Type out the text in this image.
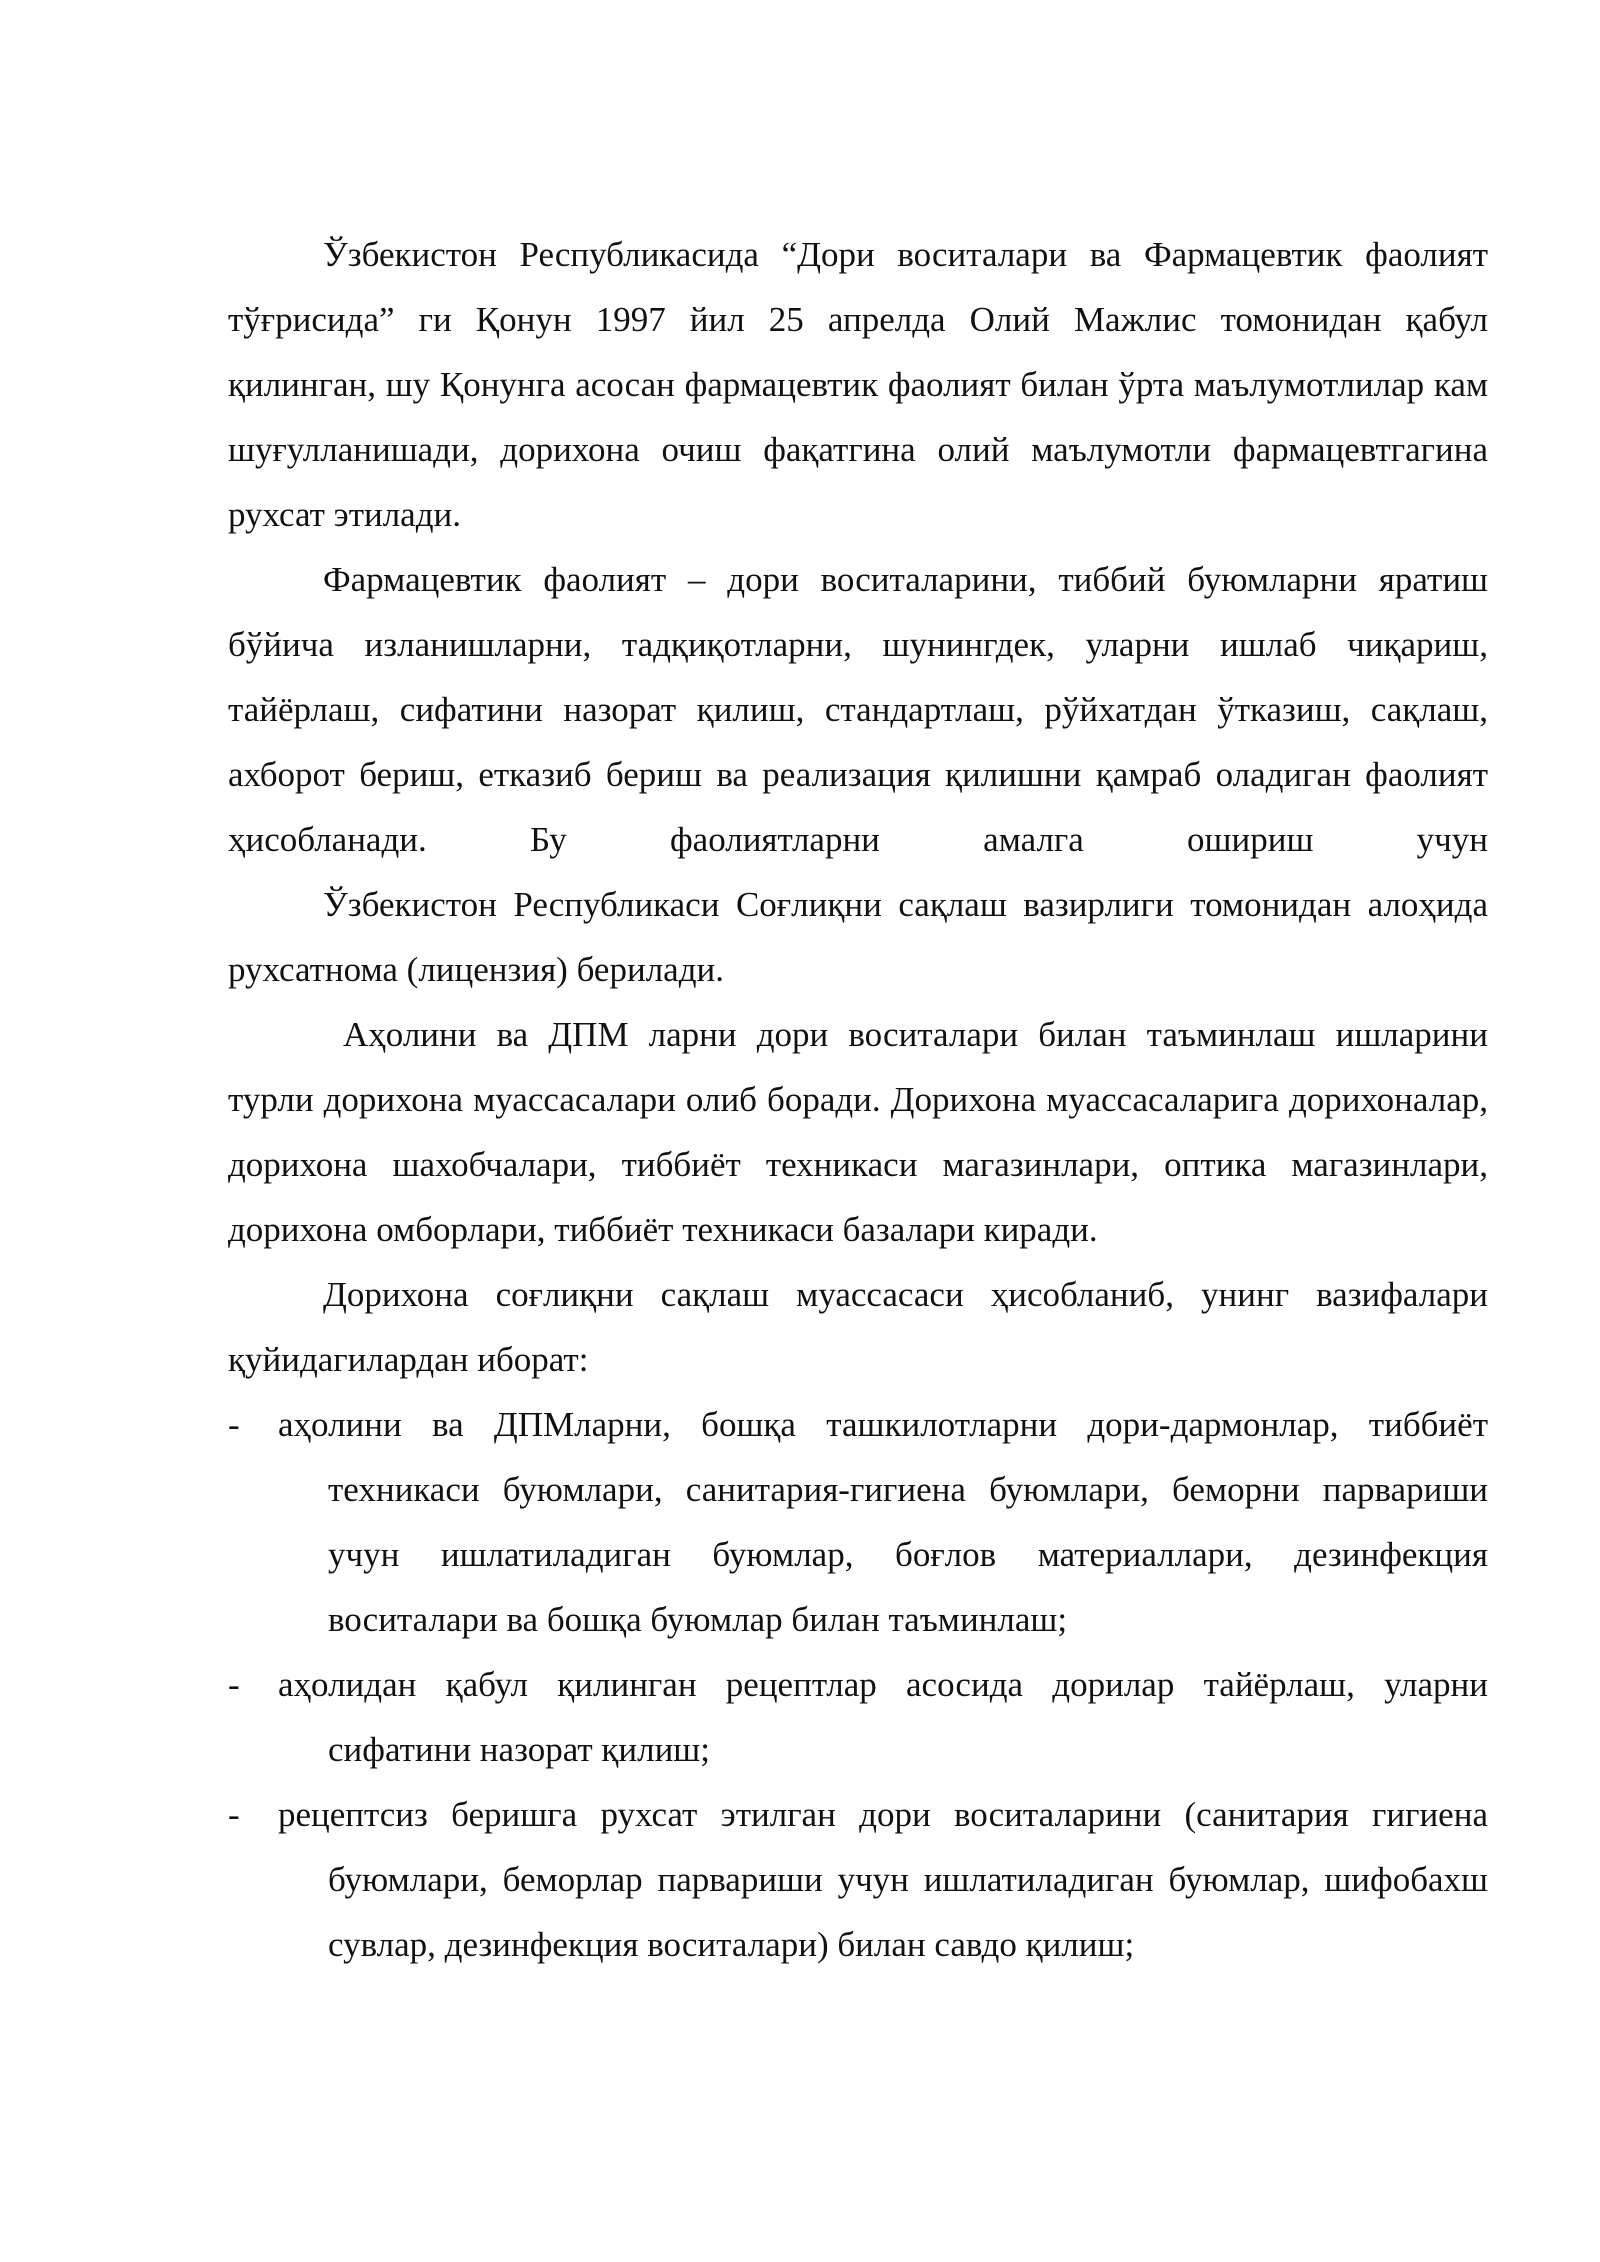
Ўзбекистон Республикасида “Дори воситалари ва Фармацевтик фаолият тўғрисида” ги Қонун 1997 йил 25 апрелда Олий Мажлис томонидан қабул қилинган, шу Қонунга асосан фармацевтик фаолият билан ўрта маълумотлилар кам шуғулланишади, дорихона очиш фақатгина олий маълумотли фармацевтгагина рухсат этилади.

Фармацевтик фаолият – дори воситаларини, тиббий буюмларни яратиш бўйича изланишларни, тадқиқотларни, шунингдек, уларни ишлаб чиқариш, тайёрлаш, сифатини назорат қилиш, стандартлаш, рўйхатдан ўтказиш, сақлаш, ахборот бериш, етказиб бериш ва реализация қилишни қамраб оладиган фаолият ҳисобланади. Бу фаолиятларни амалга ошириш учун

Ўзбекистон Республикаси Соғлиқни сақлаш вазирлиги томонидан алоҳида рухсатнома (лицензия) берилади.

Аҳолини ва ДПМ ларни дори воситалари билан таъминлаш ишларини турли дорихона муассасалари олиб боради. Дорихона муассасаларига дорихоналар, дорихона шахобчалари, тиббиёт техникаси магазинлари, оптика магазинлари, дорихона омборлари, тиббиёт техникаси базалари киради.

Дорихона соғлиқни сақлаш муассасаси ҳисобланиб, унинг вазифалари қуйидагилардан иборат:

- аҳолини ва ДПМларни, бошқа ташкилотларни дори-дармонлар, тиббиёт техникаси буюмлари, санитария-гигиена буюмлари, беморни парвариши учун ишлатиладиган буюмлар, боғлов материаллари, дезинфекция воситалари ва бошқа буюмлар билан таъминлаш;
- аҳолидан қабул қилинган рецептлар асосида дорилар тайёрлаш, уларни сифатини назорат қилиш;
- рецептсиз беришга рухсат этилган дори воситаларини (санитария гигиена буюмлари, беморлар парвариши учун ишлатиладиган буюмлар, шифобахш сувлар, дезинфекция воситалари) билан савдо қилиш;
